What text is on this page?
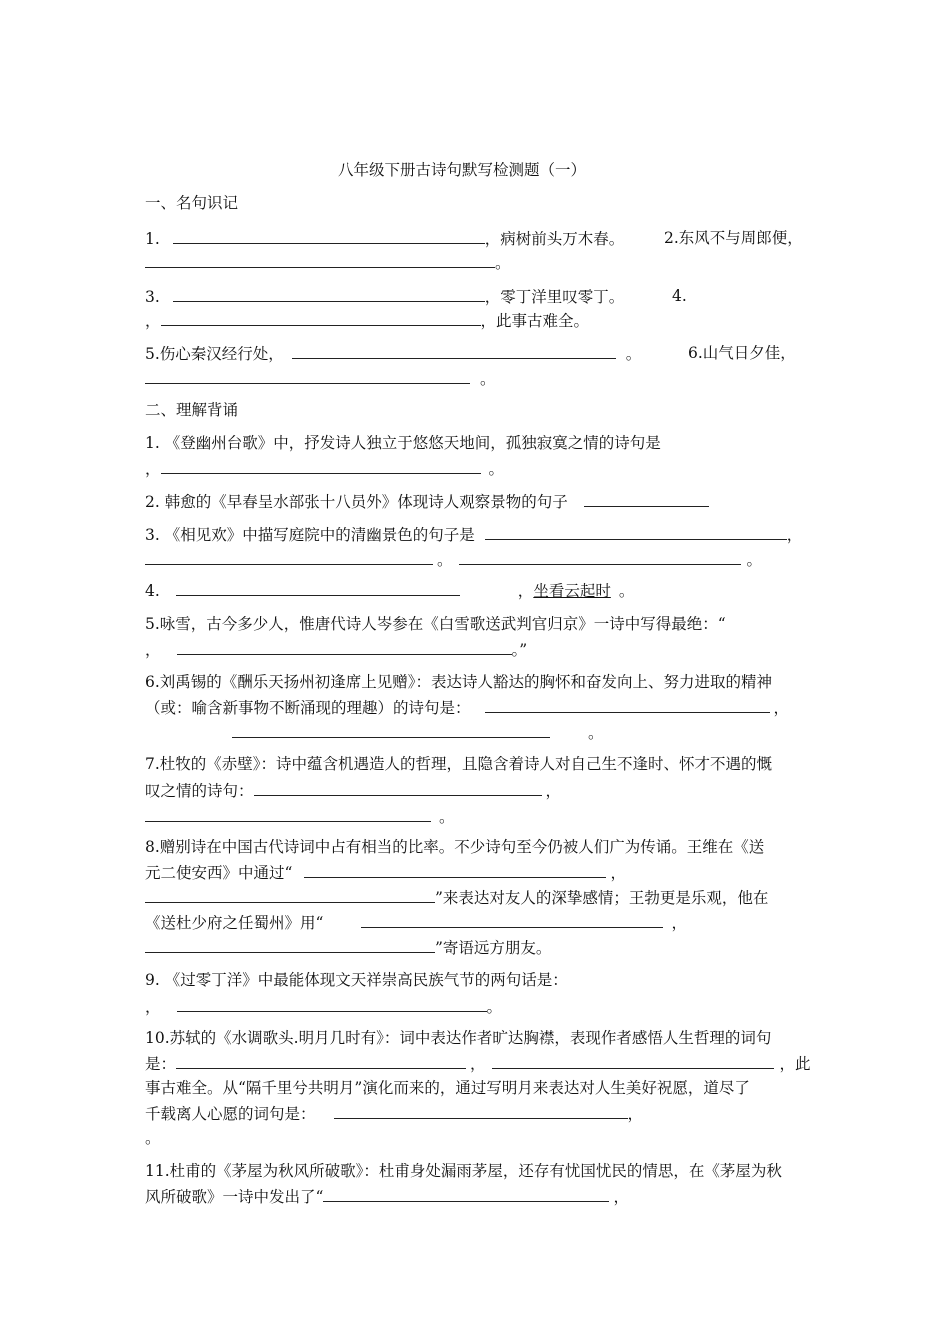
八年级下册古诗句默写检测题（一）
一、名句识记
1.	，病树前头万木春。	2.东风不与周郎便，
。
3.	，零丁洋里叹零丁。	4.
，	，此事古难全。
5.伤心秦汉经行处，	。	6.山气日夕佳，
。
二、理解背诵
1. 《登幽州台歌》中，抒发诗人独立于悠悠天地间，孤独寂寞之情的诗句是
，	。
2. 韩愈的《早春呈水部张十八员外》体现诗人观察景物的句子
3. 《相见欢》中描写庭院中的清幽景色的句子是	，
。	。
4.	，坐看云起时 。
5.咏雪，古今多少人，惟唐代诗人岑参在《白雪歌送武判官归京》一诗中写得最绝：“
，	。”
6.刘禹锡的《酬乐天扬州初逢席上见赠》：表达诗人豁达的胸怀和奋发向上、努力进取的精神
（或：喻含新事物不断涌现的理趣）的诗句是：	，
。
7.杜牧的《赤壁》：诗中蕴含机遇造人的哲理，且隐含着诗人对自己生不逢时、怀才不遇的慨
叹之情的诗句：	，
。
8.赠别诗在中国古代诗词中占有相当的比率。不少诗句至今仍被人们广为传诵。王维在《送
元二使安西》中通过“	，
”来表达对友人的深挚感情；王勃更是乐观，他在
《送杜少府之任蜀州》用“	，
”寄语远方朋友。
9. 《过零丁洋》中最能体现文天祥崇高民族气节的两句话是：
，	。
10.苏轼的《水调歌头.明月几时有》：词中表达作者旷达胸襟，表现作者感悟人生哲理的词句
是：	，	，此
事古难全。从“隔千里兮共明月”演化而来的，通过写明月来表达对人生美好祝愿，道尽了
千载离人心愿的词句是：	，
。
11.杜甫的《茅屋为秋风所破歌》：杜甫身处漏雨茅屋，还存有忧国忧民的情思，在《茅屋为秋
风所破歌》一诗中发出了“	，
